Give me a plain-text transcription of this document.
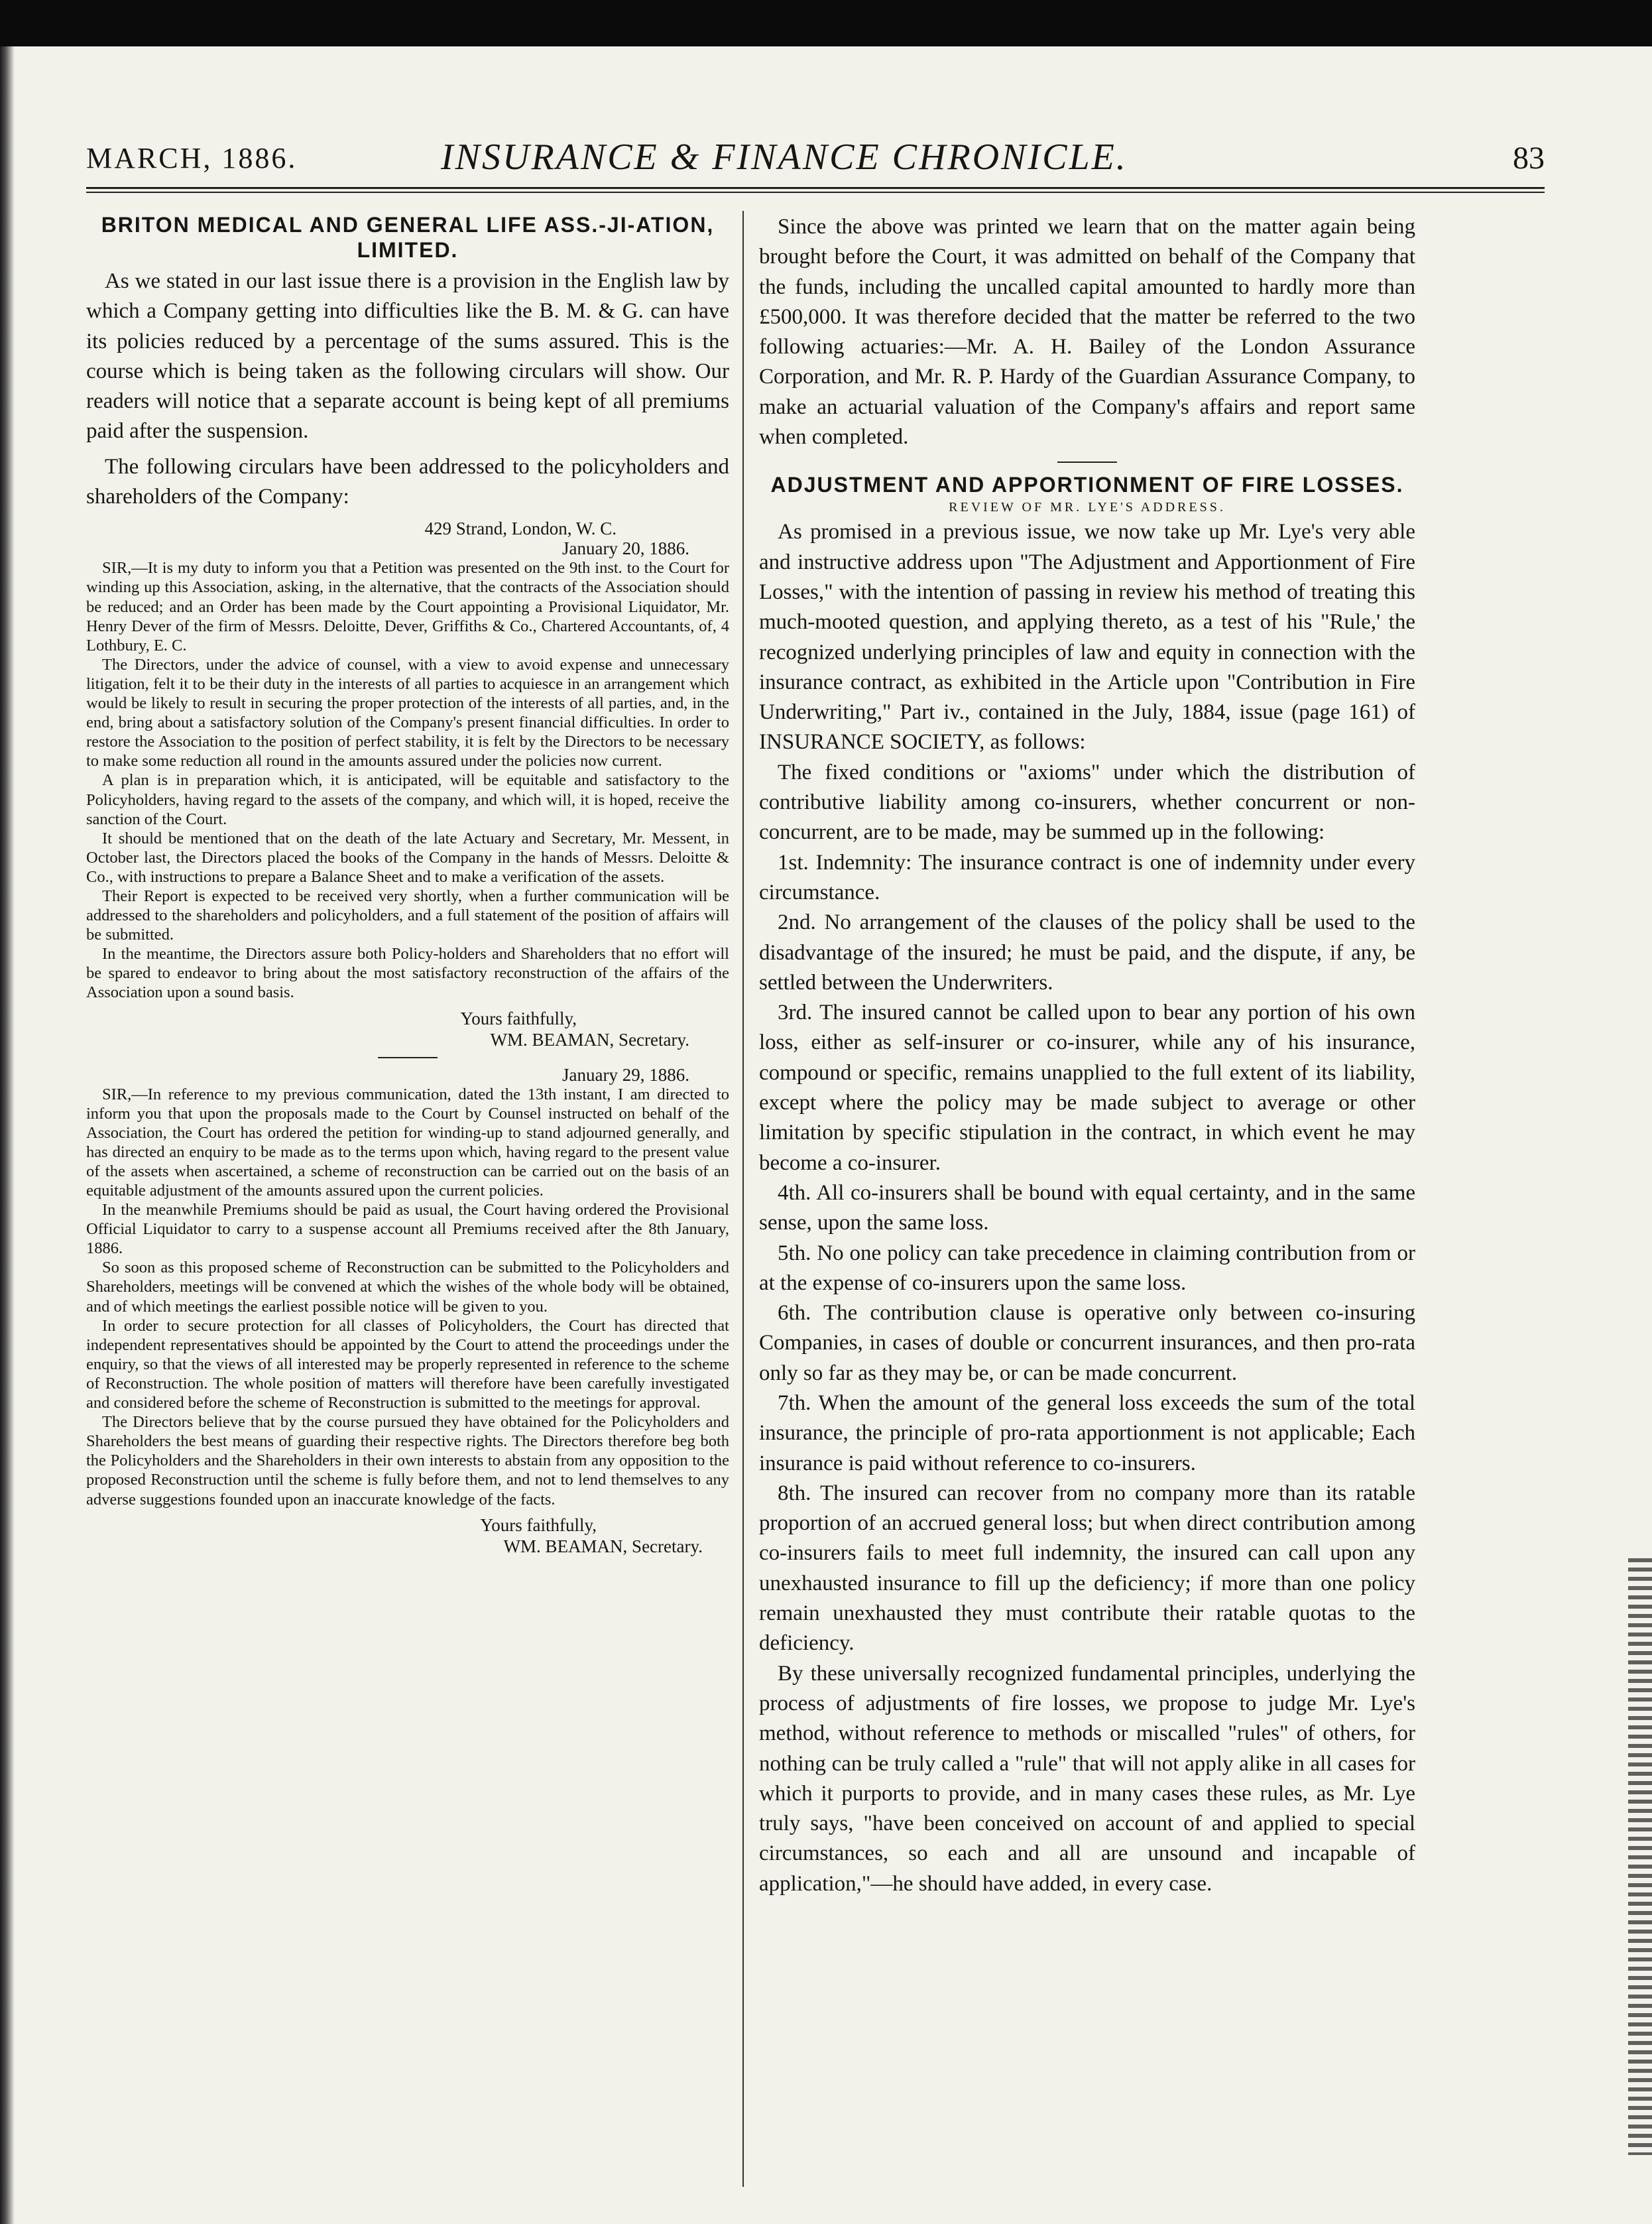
MARCH, 1886.	INSURANCE & FINANCE CHRONICLE.	83
BRITON MEDICAL AND GENERAL LIFE ASS.-JI-ATION, LIMITED.

As we stated in our last issue there is a provision in the English law by which a Company getting into difficulties like the B. M. & G. can have its policies reduced by a percentage of the sums assured. This is the course which is being taken as the following circulars will show. Our readers will notice that a separate account is being kept of all premiums paid after the suspension.

The following circulars have been addressed to the policyholders and shareholders of the Company:

429 Strand, London, W. C.

January 20, 1886.

SIR,—It is my duty to inform you that a Petition was presented on the 9th inst. to the Court for winding up this Association, asking, in the alternative, that the contracts of the Association should be reduced; and an Order has been made by the Court appointing a Provisional Liquidator, Mr. Henry Dever of the firm of Messrs. Deloitte, Dever, Griffiths & Co., Chartered Accountants, of, 4 Lothbury, E. C.

The Directors, under the advice of counsel, with a view to avoid expense and unnecessary litigation, felt it to be their duty in the interests of all parties to acquiesce in an arrangement which would be likely to result in securing the proper protection of the interests of all parties, and, in the end, bring about a satisfactory solution of the Company's present financial difficulties. In order to restore the Association to the position of perfect stability, it is felt by the Directors to be necessary to make some reduction all round in the amounts assured under the policies now current.

A plan is in preparation which, it is anticipated, will be equitable and satisfactory to the Policyholders, having regard to the assets of the company, and which will, it is hoped, receive the sanction of the Court.

It should be mentioned that on the death of the late Actuary and Secretary, Mr. Messent, in October last, the Directors placed the books of the Company in the hands of Messrs. Deloitte & Co., with instructions to prepare a Balance Sheet and to make a verification of the assets.

Their Report is expected to be received very shortly, when a further communication will be addressed to the shareholders and policyholders, and a full statement of the position of affairs will be submitted.

In the meantime, the Directors assure both Policy-holders and Shareholders that no effort will be spared to endeavor to bring about the most satisfactory reconstruction of the affairs of the Association upon a sound basis.

Yours faithfully,

WM. BEAMAN, Secretary.

January 29, 1886.

SIR,—In reference to my previous communication, dated the 13th instant, I am directed to inform you that upon the proposals made to the Court by Counsel instructed on behalf of the Association, the Court has ordered the petition for winding-up to stand adjourned generally, and has directed an enquiry to be made as to the terms upon which, having regard to the present value of the assets when ascertained, a scheme of reconstruction can be carried out on the basis of an equitable adjustment of the amounts assured upon the current policies.

In the meanwhile Premiums should be paid as usual, the Court having ordered the Provisional Official Liquidator to carry to a suspense account all Premiums received after the 8th January, 1886.

So soon as this proposed scheme of Reconstruction can be submitted to the Policyholders and Shareholders, meetings will be convened at which the wishes of the whole body will be obtained, and of which meetings the earliest possible notice will be given to you.

In order to secure protection for all classes of Policyholders, the Court has directed that independent representatives should be appointed by the Court to attend the proceedings under the enquiry, so that the views of all interested may be properly represented in reference to the scheme of Reconstruction. The whole position of matters will therefore have been carefully investigated and considered before the scheme of Reconstruction is submitted to the meetings for approval.

The Directors believe that by the course pursued they have obtained for the Policyholders and Shareholders the best means of guarding their respective rights. The Directors therefore beg both the Policyholders and the Shareholders in their own interests to abstain from any opposition to the proposed Reconstruction until the scheme is fully before them, and not to lend themselves to any adverse suggestions founded upon an inaccurate knowledge of the facts.

Yours faithfully,

WM. BEAMAN, Secretary.

Since the above was printed we learn that on the matter again being brought before the Court, it was admitted on behalf of the Company that the funds, including the uncalled capital amounted to hardly more than £500,000. It was therefore decided that the matter be referred to the two following actuaries:—Mr. A. H. Bailey of the London Assurance Corporation, and Mr. R. P. Hardy of the Guardian Assurance Company, to make an actuarial valuation of the Company's affairs and report same when completed.

ADJUSTMENT AND APPORTIONMENT OF FIRE LOSSES.

REVIEW OF MR. LYE'S ADDRESS.

As promised in a previous issue, we now take up Mr. Lye's very able and instructive address upon "The Adjustment and Apportionment of Fire Losses," with the intention of passing in review his method of treating this much-mooted question, and applying thereto, as a test of his "Rule,' the recognized underlying principles of law and equity in connection with the insurance contract, as exhibited in the Article upon "Contribution in Fire Underwriting," Part iv., contained in the July, 1884, issue (page 161) of INSURANCE SOCIETY, as follows:

The fixed conditions or "axioms" under which the distribution of contributive liability among co-insurers, whether concurrent or non-concurrent, are to be made, may be summed up in the following:

1st. Indemnity: The insurance contract is one of indemnity under every circumstance.

2nd. No arrangement of the clauses of the policy shall be used to the disadvantage of the insured; he must be paid, and the dispute, if any, be settled between the Underwriters.

3rd. The insured cannot be called upon to bear any portion of his own loss, either as self-insurer or co-insurer, while any of his insurance, compound or specific, remains unapplied to the full extent of its liability, except where the policy may be made subject to average or other limitation by specific stipulation in the contract, in which event he may become a co-insurer.

4th. All co-insurers shall be bound with equal certainty, and in the same sense, upon the same loss.

5th. No one policy can take precedence in claiming contribution from or at the expense of co-insurers upon the same loss.

6th. The contribution clause is operative only between co-insuring Companies, in cases of double or concurrent insurances, and then pro-rata only so far as they may be, or can be made concurrent.

7th. When the amount of the general loss exceeds the sum of the total insurance, the principle of pro-rata apportionment is not applicable; Each insurance is paid without reference to co-insurers.

8th. The insured can recover from no company more than its ratable proportion of an accrued general loss; but when direct contribution among co-insurers fails to meet full indemnity, the insured can call upon any unexhausted insurance to fill up the deficiency; if more than one policy remain unexhausted they must contribute their ratable quotas to the deficiency.

By these universally recognized fundamental principles, underlying the process of adjustments of fire losses, we propose to judge Mr. Lye's method, without reference to methods or miscalled "rules" of others, for nothing can be truly called a "rule" that will not apply alike in all cases for which it purports to provide, and in many cases these rules, as Mr. Lye truly says, "have been conceived on account of and applied to special circumstances, so each and all are unsound and incapable of application,"—he should have added, in every case.
